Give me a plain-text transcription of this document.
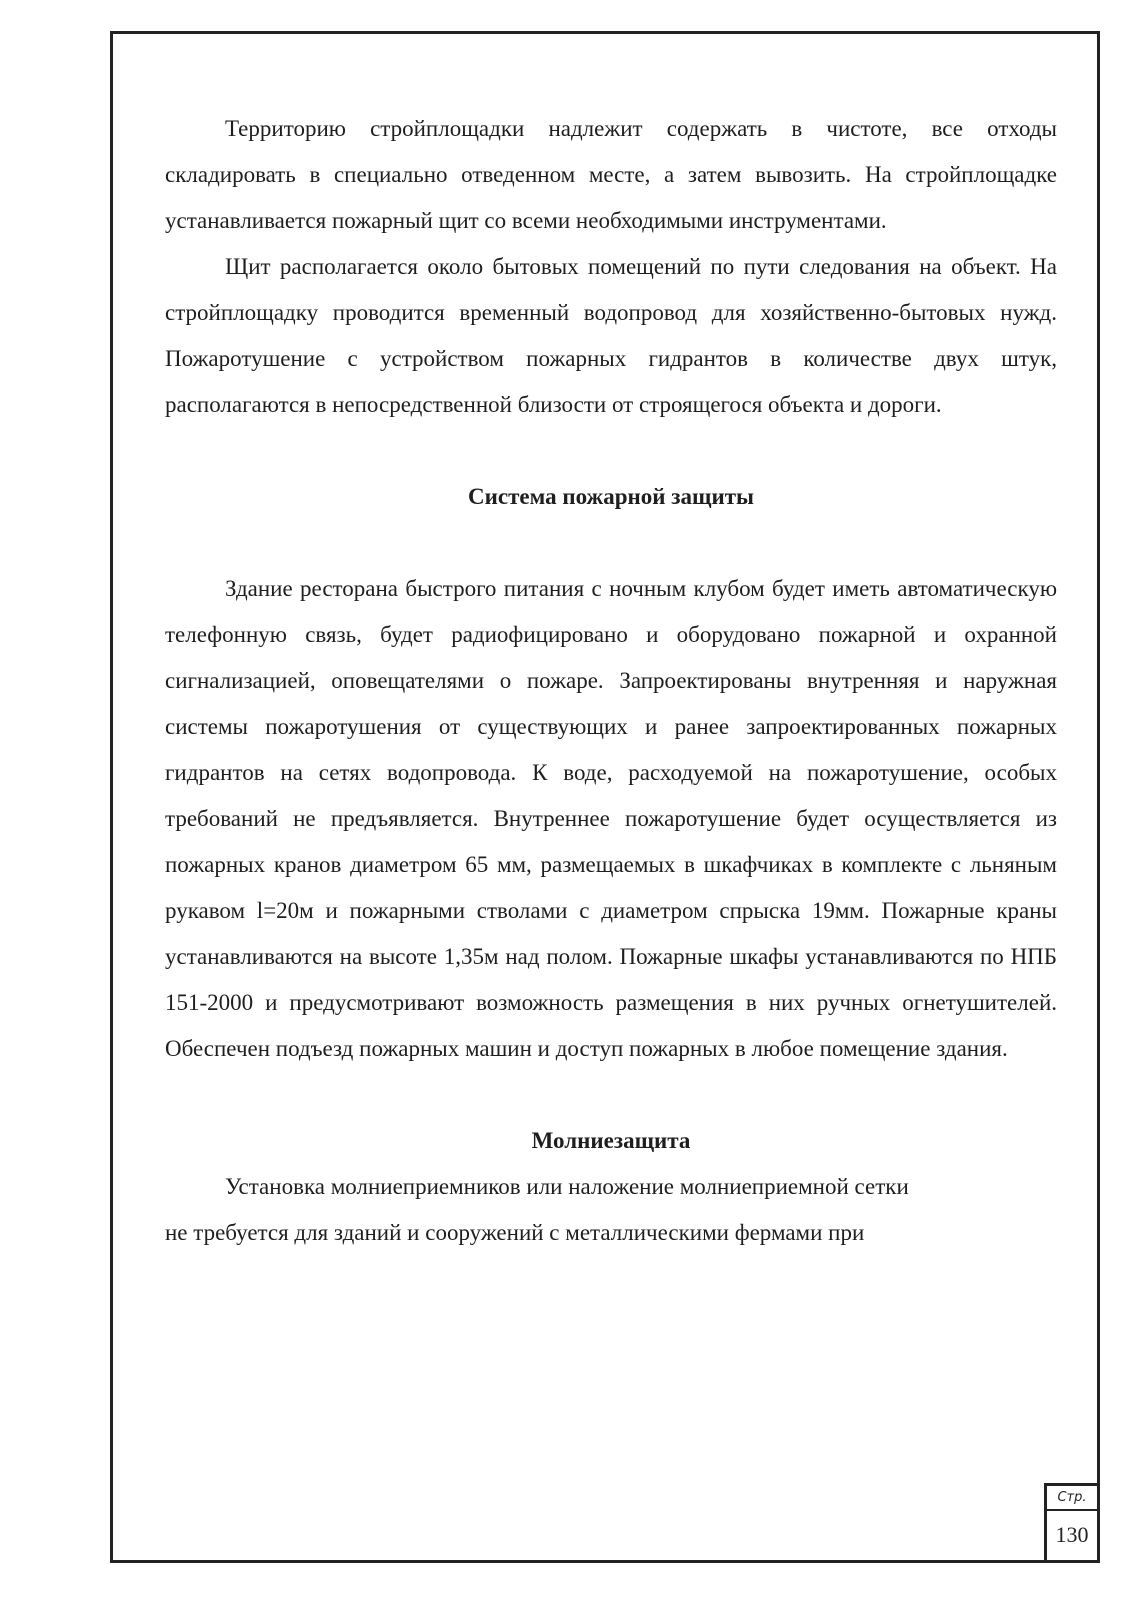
Территорию стройплощадки надлежит содержать в чистоте, все отходы складировать в специально отведенном месте, а затем вывозить. На стройплощадке устанавливается пожарный щит со всеми необходимыми инструментами.

Щит располагается около бытовых помещений по пути следования на объект. На стройплощадку проводится временный водопровод для хозяйственно-бытовых нужд. Пожаротушение с устройством пожарных гидрантов в количестве двух штук, располагаются в непосредственной близости от строящегося объекта и дороги.

Система пожарной защиты

Здание ресторана быстрого питания с ночным клубом будет иметь автоматическую телефонную связь, будет радиофицировано и оборудовано пожарной и охранной сигнализацией, оповещателями о пожаре. Запроектированы внутренняя и наружная системы пожаротушения от существующих и ранее запроектированных пожарных гидрантов на сетях водопровода. К воде, расходуемой на пожаротушение, особых требований не предъявляется. Внутреннее пожаротушение будет осуществляется из пожарных кранов диаметром 65 мм, размещаемых в шкафчиках в комплекте с льняным рукавом l=20м и пожарными стволами с диаметром спрыска 19мм. Пожарные краны устанавливаются на высоте 1,35м над полом. Пожарные шкафы устанавливаются по НПБ 151-2000 и предусмотривают возможность размещения в них ручных огнетушителей. Обеспечен подъезд пожарных машин и доступ пожарных в любое помещение здания.

Молниезащита

Установка молниеприемников или наложение молниеприемной сетки

не требуется для зданий и сооружений с металлическими фермами при

Стр.
130
